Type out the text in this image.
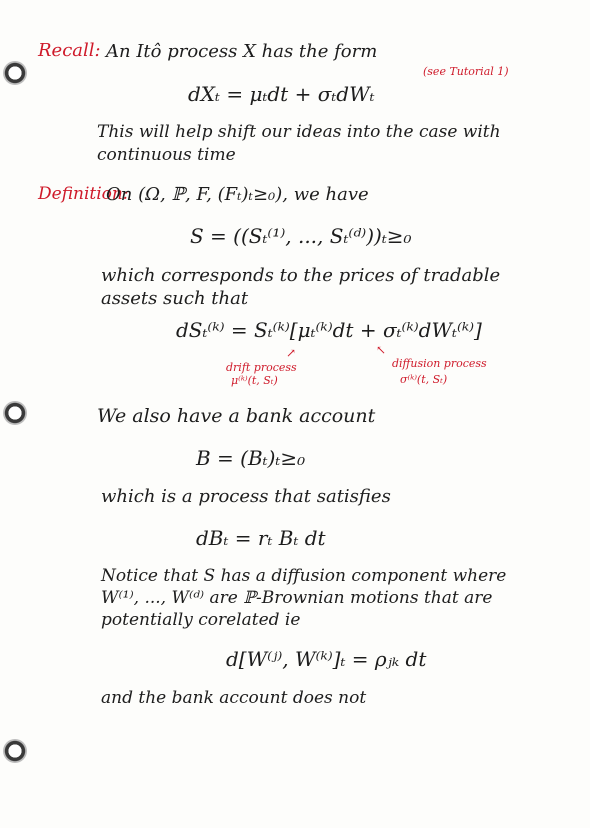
Recall: An Itô process X has the form
(see Tutorial 1)
dXₜ = μₜdt + σₜdWₜ
This will help shift our ideas into the case with
continuous time
Definition:
On (Ω, ℙ, F, (Fₜ)ₜ≥₀), we have
S = ((Sₜ⁽¹⁾, ..., Sₜ⁽ᵈ⁾))ₜ≥₀
which corresponds to the prices of tradable
assets such that
dSₜ⁽ᵏ⁾ = Sₜ⁽ᵏ⁾[μₜ⁽ᵏ⁾dt + σₜ⁽ᵏ⁾dWₜ⁽ᵏ⁾]
↗
drift process
μ⁽ᵏ⁾(t, Sₜ)
↖
diffusion process
σ⁽ᵏ⁾(t, Sₜ)
We also have a bank account
B = (Bₜ)ₜ≥₀
which is a process that satisfies
dBₜ = rₜ Bₜ dt
Notice that S has a diffusion component where
W⁽¹⁾, ..., W⁽ᵈ⁾ are ℙ-Brownian motions that are
potentially corelated ie
d[W⁽ʲ⁾, W⁽ᵏ⁾]ₜ = ρⱼₖ dt
and the bank account does not
